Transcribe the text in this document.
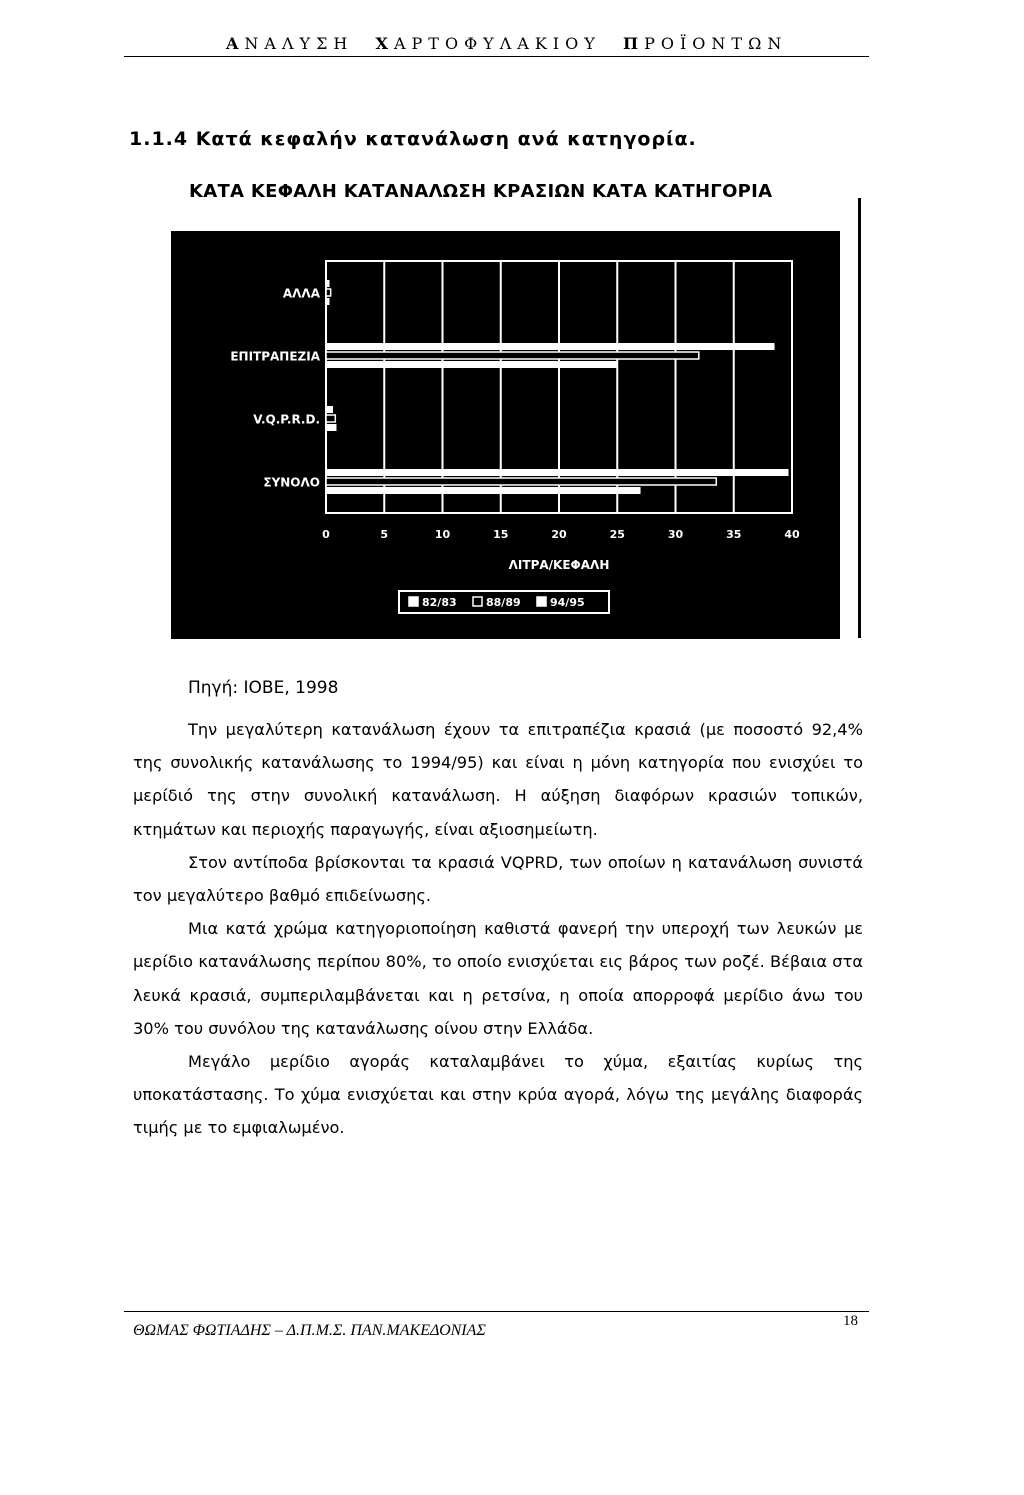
ΑΝΑΛΥΣΗ ΧΑΡΤΟΦΥΛΑΚΙΟΥ ΠΡΟΪΟΝΤΩΝ
1.1.4 Κατά κεφαλήν κατανάλωση ανά κατηγορία.
ΚΑΤΑ ΚΕΦΑΛΗ ΚΑΤΑΝΑΛΩΣΗ ΚΡΑΣΙΩΝ ΚΑΤΑ ΚΑΤΗΓΟΡΙΑ
0	5	10	15	20	25	30	35	40
ΑΛΛΑ
ΕΠΙΤΡΑΠΕΖΙΑ
V.Q.P.R.D.
ΣΥΝΟΛΟ
ΛΙΤΡΑ/ΚΕΦΑΛΗ
82/83	88/89	94/95
Πηγή: ΙΟΒΕ, 1998

Την μεγαλύτερη κατανάλωση έχουν τα επιτραπέζια κρασιά (με ποσοστό 92,4% της συνολικής κατανάλωσης το 1994/95) και είναι η μόνη κατηγορία που ενισχύει το μερίδιό της στην συνολική κατανάλωση. Η αύξηση διαφόρων κρασιών τοπικών, κτημάτων και περιοχής παραγωγής, είναι αξιοσημείωτη.

Στον αντίποδα βρίσκονται τα κρασιά VQPRD, των οποίων η κατανάλωση συνιστά τον μεγαλύτερο βαθμό επιδείνωσης.

Μια κατά χρώμα κατηγοριοποίηση καθιστά φανερή την υπεροχή των λευκών με μερίδιο κατανάλωσης περίπου 80%, το οποίο ενισχύεται εις βάρος των ροζέ. Βέβαια στα λευκά κρασιά, συμπεριλαμβάνεται και η ρετσίνα, η οποία απορροφά μερίδιο άνω του 30% του συνόλου της κατανάλωσης οίνου στην Ελλάδα.

Μεγάλο μερίδιο αγοράς καταλαμβάνει το χύμα, εξαιτίας κυρίως της υποκατάστασης. Το χύμα ενισχύεται και στην κρύα αγορά, λόγω της μεγάλης διαφοράς τιμής με το εμφιαλωμένο.

ΘΩΜΑΣ ΦΩΤΙΑΔΗΣ – Δ.Π.Μ.Σ. ΠΑΝ.ΜΑΚΕΔΟΝΙΑΣ
18
